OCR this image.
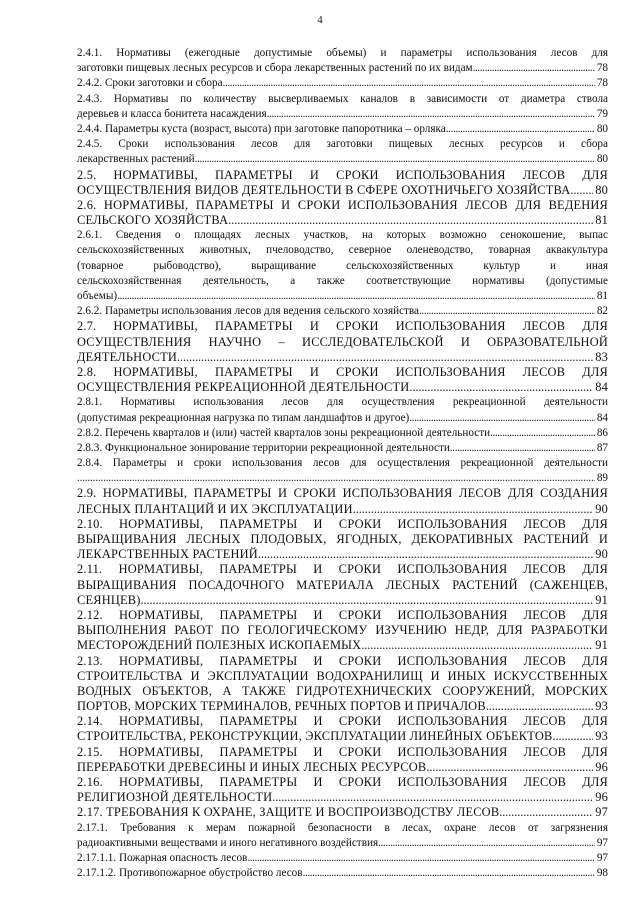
4
2.4.1. Нормативы (ежегодные допустимые объемы) и параметры использования лесов для
заготовки пищевых лесных ресурсов и сбора лекарственных растений по их видам . . .	78
2.4.2. Сроки заготовки и сбора . . .	78
2.4.3. Нормативы по количеству высверливаемых каналов в зависимости от диаметра ствола
деревьев и класса бонитета насаждения . . .	79
2.4.4. Параметры куста (возраст, высота) при заготовке папоротника – орляка . . .	80
2.4.5. Сроки использования лесов для заготовки пищевых лесных ресурсов и сбора
лекарственных растений . . .	80
2.5. НОРМАТИВЫ, ПАРАМЕТРЫ И СРОКИ ИСПОЛЬЗОВАНИЯ ЛЕСОВ ДЛЯ
ОСУЩЕСТВЛЕНИЯ ВИДОВ ДЕЯТЕЛЬНОСТИ В СФЕРЕ ОХОТНИЧЬЕГО ХОЗЯЙСТВА . . . 80
2.6. НОРМАТИВЫ, ПАРАМЕТРЫ И СРОКИ ИСПОЛЬЗОВАНИЯ ЛЕСОВ ДЛЯ ВЕДЕНИЯ
СЕЛЬСКОГО ХОЗЯЙСТВА . . .	81
2.6.1. Сведения о площадях лесных участков, на которых возможно сенокошение, выпас
сельскохозяйственных животных, пчеловодство, северное оленеводство, товарная аквакультура
(товарное рыбоводство), выращивание сельскохозяйственных культур и иная
сельскохозяйственная деятельность, а также соответствующие нормативы (допустимые
объемы) . . .	81
2.6.2. Параметры использования лесов для ведения сельского хозяйства . . .	82
2.7. НОРМАТИВЫ, ПАРАМЕТРЫ И СРОКИ ИСПОЛЬЗОВАНИЯ ЛЕСОВ ДЛЯ
ОСУЩЕСТВЛЕНИЯ НАУЧНО – ИССЛЕДОВАТЕЛЬСКОЙ И ОБРАЗОВАТЕЛЬНОЙ
ДЕЯТЕЛЬНОСТИ . . .	83
2.8. НОРМАТИВЫ, ПАРАМЕТРЫ И СРОКИ ИСПОЛЬЗОВАНИЯ ЛЕСОВ ДЛЯ
ОСУЩЕСТВЛЕНИЯ РЕКРЕАЦИОННОЙ ДЕЯТЕЛЬНОСТИ . . .	84
2.8.1. Нормативы использования лесов для осуществления рекреационной деятельности
(допустимая рекреационная нагрузка по типам ландшафтов и другое) . . .	84
2.8.2. Перечень кварталов и (или) частей кварталов зоны рекреационной деятельности . . .	86
2.8.3. Функциональное зонирование территории рекреационной деятельности . . .	87
2.8.4. Параметры и сроки использования лесов для осуществления рекреационной деятельности
. . .
89
2.9. НОРМАТИВЫ, ПАРАМЕТРЫ И СРОКИ ИСПОЛЬЗОВАНИЯ ЛЕСОВ ДЛЯ СОЗДАНИЯ
ЛЕСНЫХ ПЛАНТАЦИЙ И ИХ ЭКСПЛУАТАЦИИ . . .	90
2.10. НОРМАТИВЫ, ПАРАМЕТРЫ И СРОКИ ИСПОЛЬЗОВАНИЯ ЛЕСОВ ДЛЯ
ВЫРАЩИВАНИЯ ЛЕСНЫХ ПЛОДОВЫХ, ЯГОДНЫХ, ДЕКОРАТИВНЫХ РАСТЕНИЙ И
ЛЕКАРСТВЕННЫХ РАСТЕНИЙ . . .	90
2.11. НОРМАТИВЫ, ПАРАМЕТРЫ И СРОКИ ИСПОЛЬЗОВАНИЯ ЛЕСОВ ДЛЯ
ВЫРАЩИВАНИЯ ПОСАДОЧНОГО МАТЕРИАЛА ЛЕСНЫХ РАСТЕНИЙ (САЖЕНЦЕВ,
СЕЯНЦЕВ) . . .	91
2.12. НОРМАТИВЫ, ПАРАМЕТРЫ И СРОКИ ИСПОЛЬЗОВАНИЯ ЛЕСОВ ДЛЯ
ВЫПОЛНЕНИЯ РАБОТ ПО ГЕОЛОГИЧЕСКОМУ ИЗУЧЕНИЮ НЕДР, ДЛЯ РАЗРАБОТКИ
МЕСТОРОЖДЕНИЙ ПОЛЕЗНЫХ ИСКОПАЕМЫХ . . .	91
2.13. НОРМАТИВЫ, ПАРАМЕТРЫ И СРОКИ ИСПОЛЬЗОВАНИЯ ЛЕСОВ ДЛЯ
СТРОИТЕЛЬСТВА И ЭКСПЛУАТАЦИИ ВОДОХРАНИЛИЩ И ИНЫХ ИСКУССТВЕННЫХ
ВОДНЫХ ОБЪЕКТОВ, А ТАКЖЕ ГИДРОТЕХНИЧЕСКИХ СООРУЖЕНИЙ, МОРСКИХ
ПОРТОВ, МОРСКИХ ТЕРМИНАЛОВ, РЕЧНЫХ ПОРТОВ И ПРИЧАЛОВ . . .	93
2.14. НОРМАТИВЫ, ПАРАМЕТРЫ И СРОКИ ИСПОЛЬЗОВАНИЯ ЛЕСОВ ДЛЯ
СТРОИТЕЛЬСТВА, РЕКОНСТРУКЦИИ, ЭКСПЛУАТАЦИИ ЛИНЕЙНЫХ ОБЪЕКТОВ . . .	93
2.15. НОРМАТИВЫ, ПАРАМЕТРЫ И СРОКИ ИСПОЛЬЗОВАНИЯ ЛЕСОВ ДЛЯ
ПЕРЕРАБОТКИ ДРЕВЕСИНЫ И ИНЫХ ЛЕСНЫХ РЕСУРСОВ . . .	96
2.16. НОРМАТИВЫ, ПАРАМЕТРЫ И СРОКИ ИСПОЛЬЗОВАНИЯ ЛЕСОВ ДЛЯ
РЕЛИГИОЗНОЙ ДЕЯТЕЛЬНОСТИ . . .	96
2.17. ТРЕБОВАНИЯ К ОХРАНЕ, ЗАЩИТЕ И ВОСПРОИЗВОДСТВУ ЛЕСОВ . . .	97
2.17.1. Требования к мерам пожарной безопасности в лесах, охране лесов от загрязнения
радиоактивными веществами и иного негативного воздействия . . .	97
2.17.1.1. Пожарная опасность лесов . . .	97
2.17.1.2. Противопожарное обустройство лесов . . .	98
